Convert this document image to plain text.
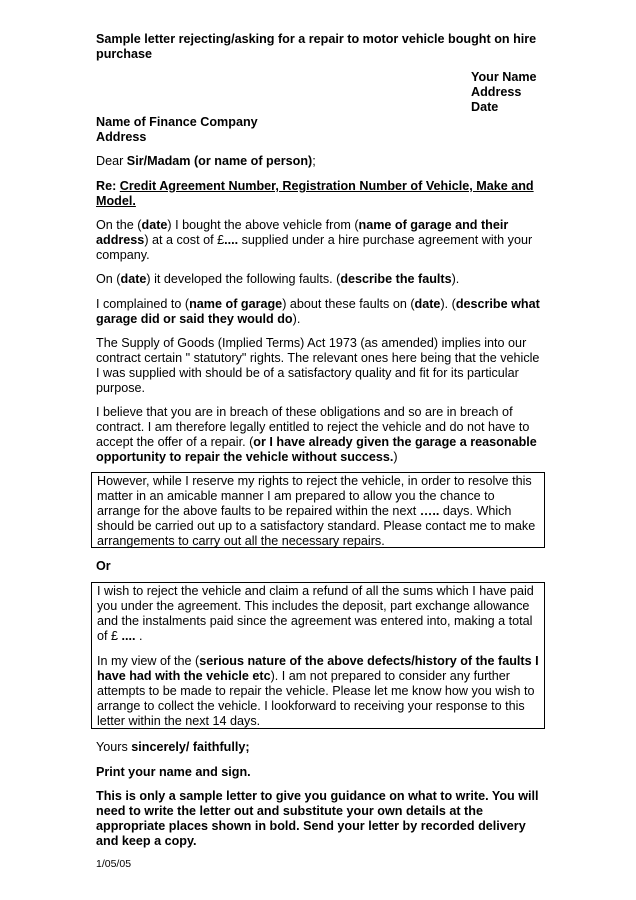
Sample letter rejecting/asking for a repair to motor vehicle bought on hire purchase

Your Name
Address
Date
Name of Finance Company
Address

Dear Sir/Madam (or name of person);

Re: Credit Agreement Number, Registration Number of Vehicle, Make and Model.

On the (date) I bought the above vehicle from (name of garage and their address) at a cost of £.... supplied under a hire purchase agreement with your company.

On (date) it developed the following faults. (describe the faults).

I complained to (name of garage) about these faults on (date). (describe what garage did or said they would do).

The Supply of Goods (Implied Terms) Act 1973 (as amended) implies into our contract certain " statutory" rights. The relevant ones here being that the vehicle I was supplied with should be of a satisfactory quality and fit for its particular purpose.

I believe that you are in breach of these obligations and so are in breach of contract. I am therefore legally entitled to reject the vehicle and do not have to accept the offer of a repair. (or I have already given the garage a reasonable opportunity to repair the vehicle without success.)

However, while I reserve my rights to reject the vehicle, in order to resolve this matter in an amicable manner I am prepared to allow you the chance to arrange for the above faults to be repaired within the next ….. days. Which should be carried out up to a satisfactory standard. Please contact me to make arrangements to carry out all the necessary repairs.

Or

I wish to reject the vehicle and claim a refund of all the sums which I have paid you under the agreement. This includes the deposit, part exchange allowance and the instalments paid since the agreement was entered into, making a total of £ .... .

In my view of the (serious nature of the above defects/history of the faults I have had with the vehicle etc). I am not prepared to consider any further attempts to be made to repair the vehicle. Please let me know how you wish to arrange to collect the vehicle. I lookforward to receiving your response to this letter within the next 14 days.

Yours sincerely/ faithfully;

Print your name and sign.

This is only a sample letter to give you guidance on what to write. You will need to write the letter out and substitute your own details at the appropriate places shown in bold. Send your letter by recorded delivery and keep a copy.

1/05/05
